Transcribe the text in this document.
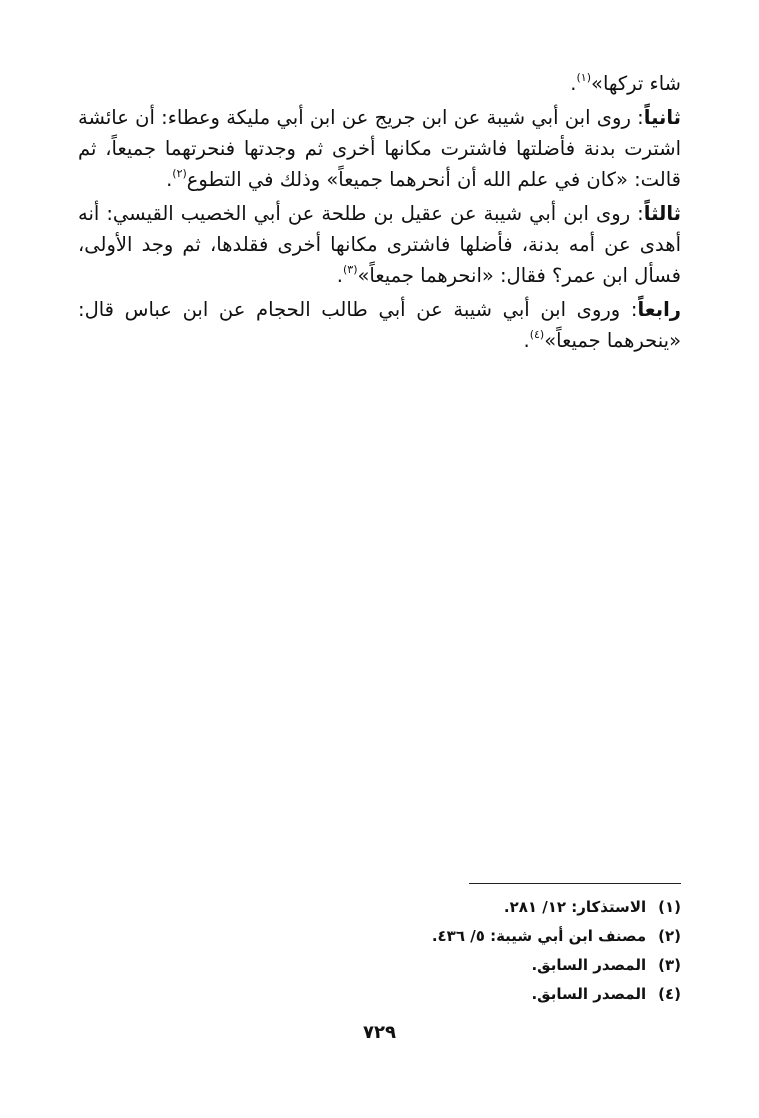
شاء تركها»$^{(١)}$.

ثانياً: روى ابن أبي شيبة عن ابن جريج عن ابن أبي مليكة وعطاء: أن عائشة اشترت بدنة فأضلتها فاشترت مكانها أخرى ثم وجدتها فنحرتهما جميعاً، ثم قالت: «كان في علم الله أن أنحرهما جميعاً» وذلك في التطوع$^{(٢)}$.

ثالثاً: روى ابن أبي شيبة عن عقيل بن طلحة عن أبي الخصيب القيسي: أنه أهدى عن أمه بدنة، فأضلها فاشترى مكانها أخرى فقلدها، ثم وجد الأولى، فسأل ابن عمر؟ فقال: «انحرهما جميعاً»$^{(٣)}$.

رابعاً: وروى ابن أبي شيبة عن أبي طالب الحجام عن ابن عباس قال: «ينحرهما جميعاً»$^{(٤)}$.

(١)الاستذكار: ١٢/ ٢٨١.
(٢)مصنف ابن أبي شيبة: ٥/ ٤٣٦.
(٣)المصدر السابق.
(٤)المصدر السابق.
٧٢٩
